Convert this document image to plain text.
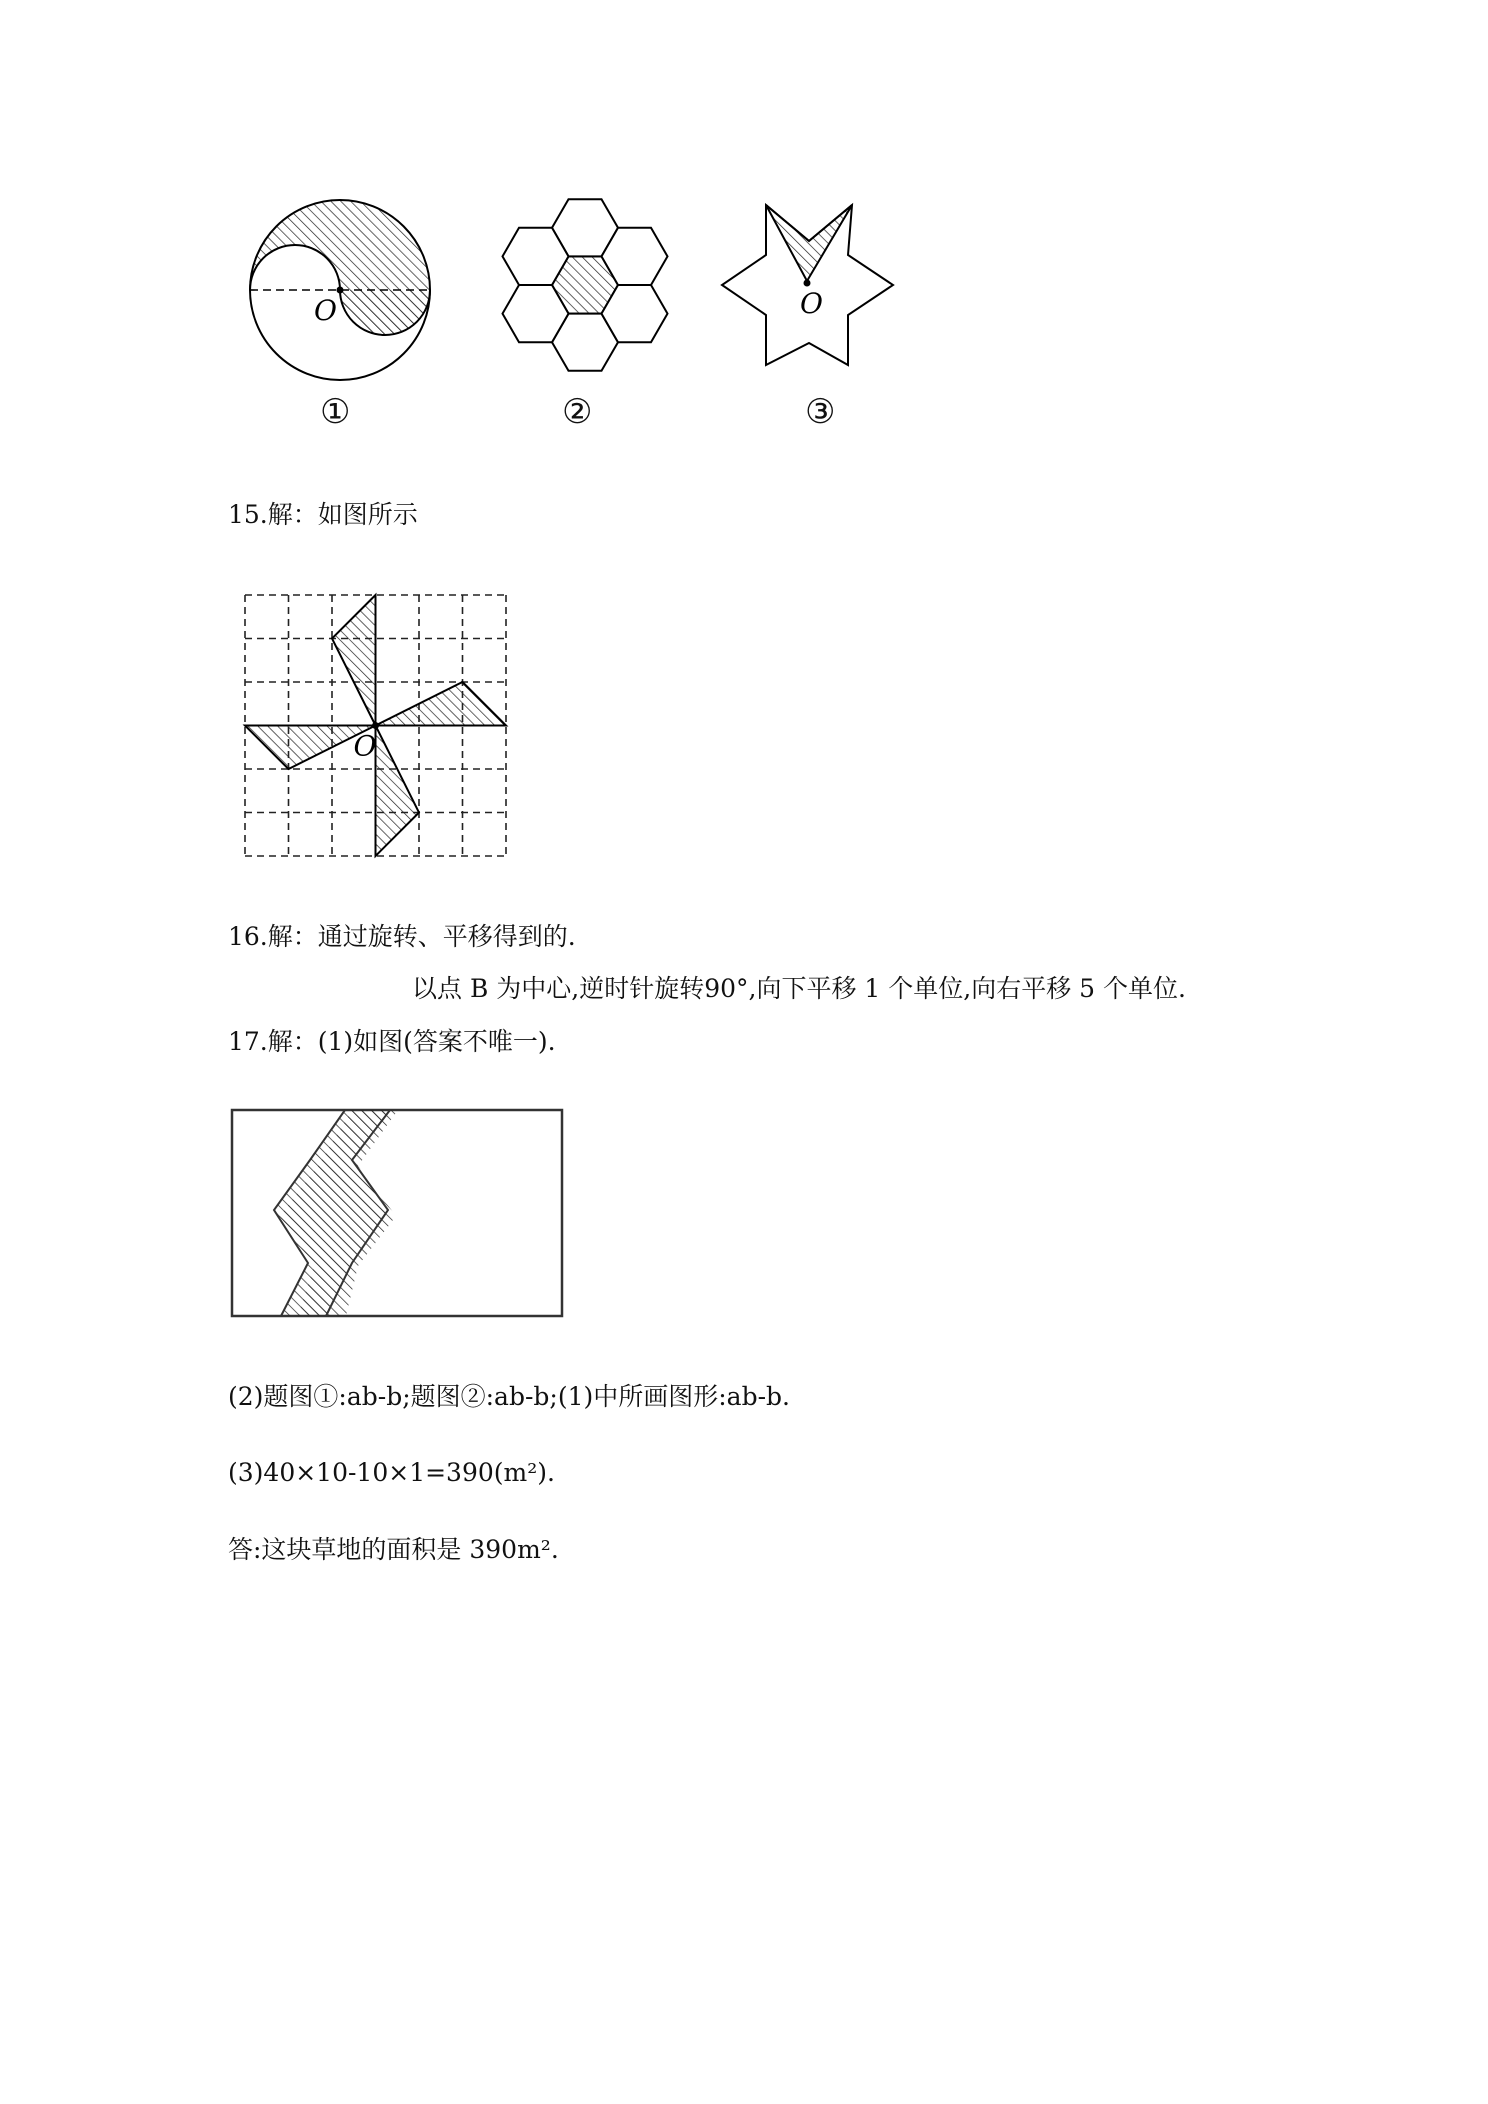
O
①	②
O
③
15.解：如图所示
O
16.解：通过旋转、平移得到的.
以点 B 为中心,逆时针旋转90°,向下平移 1 个单位,向右平移 5 个单位.
17.解：(1)如图(答案不唯一).
(2)题图①:ab-b;题图②:ab-b;(1)中所画图形:ab-b.
(3)40×10-10×1=390(m²).
答:这块草地的面积是 390m².
